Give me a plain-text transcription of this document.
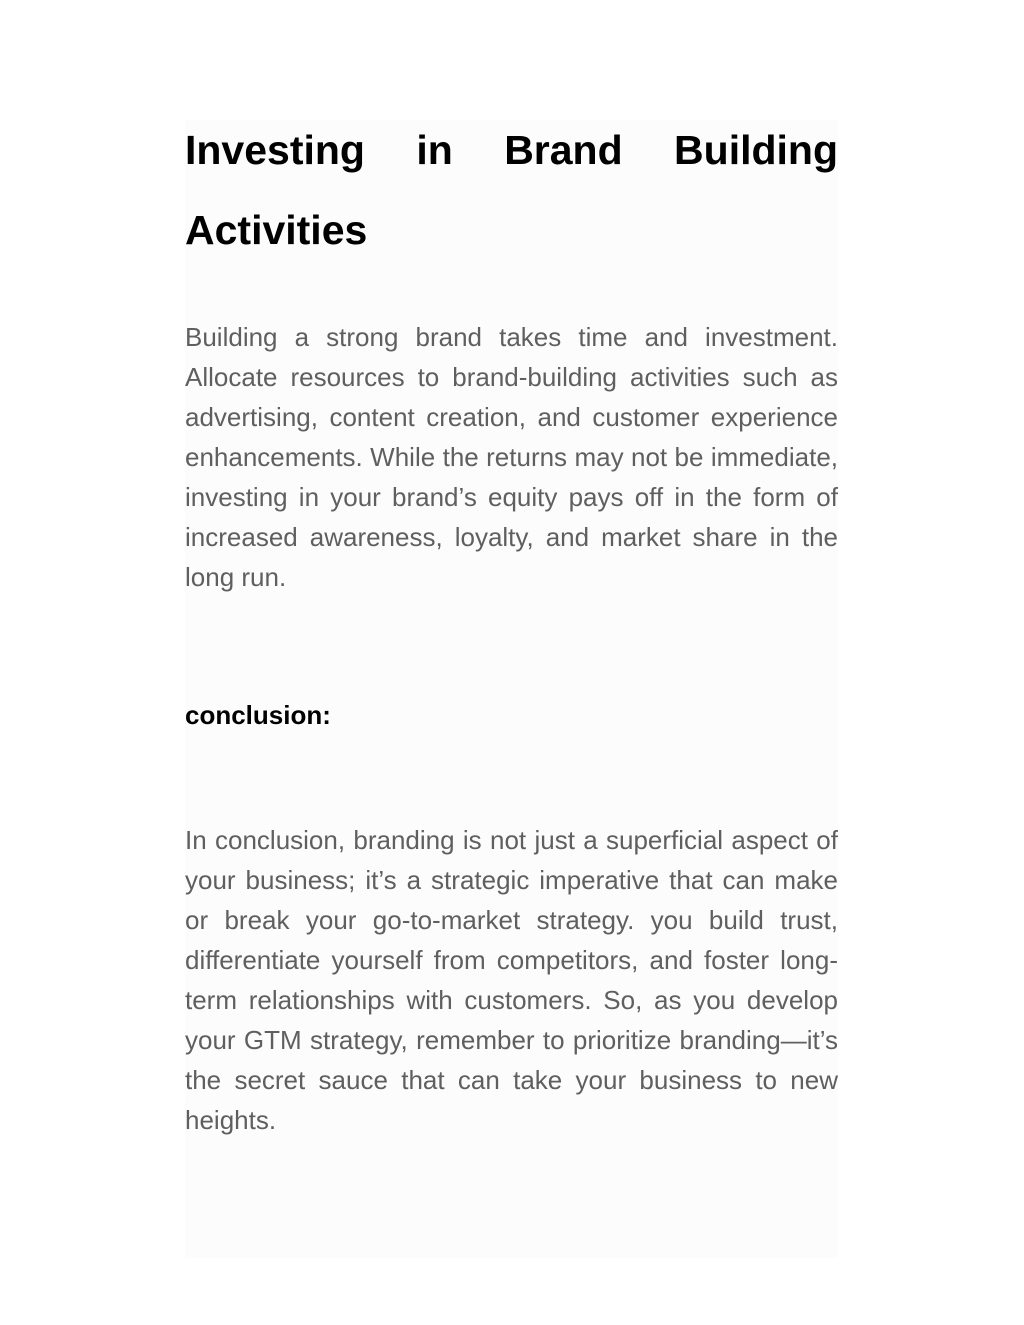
Investing in Brand Building Activities

Building a strong brand takes time and investment. Allocate resources to brand-building activities such as advertising, content creation, and customer experience enhancements. While the returns may not be immediate, investing in your brand’s equity pays off in the form of increased awareness, loyalty, and market share in the long run.

conclusion:

In conclusion, branding is not just a superficial aspect of your business; it’s a strategic imperative that can make or break your go-to-market strategy. you build trust, differentiate yourself from competitors, and foster long-term relationships with customers. So, as you develop your GTM strategy, remember to prioritize branding—it’s the secret sauce that can take your business to new heights.
